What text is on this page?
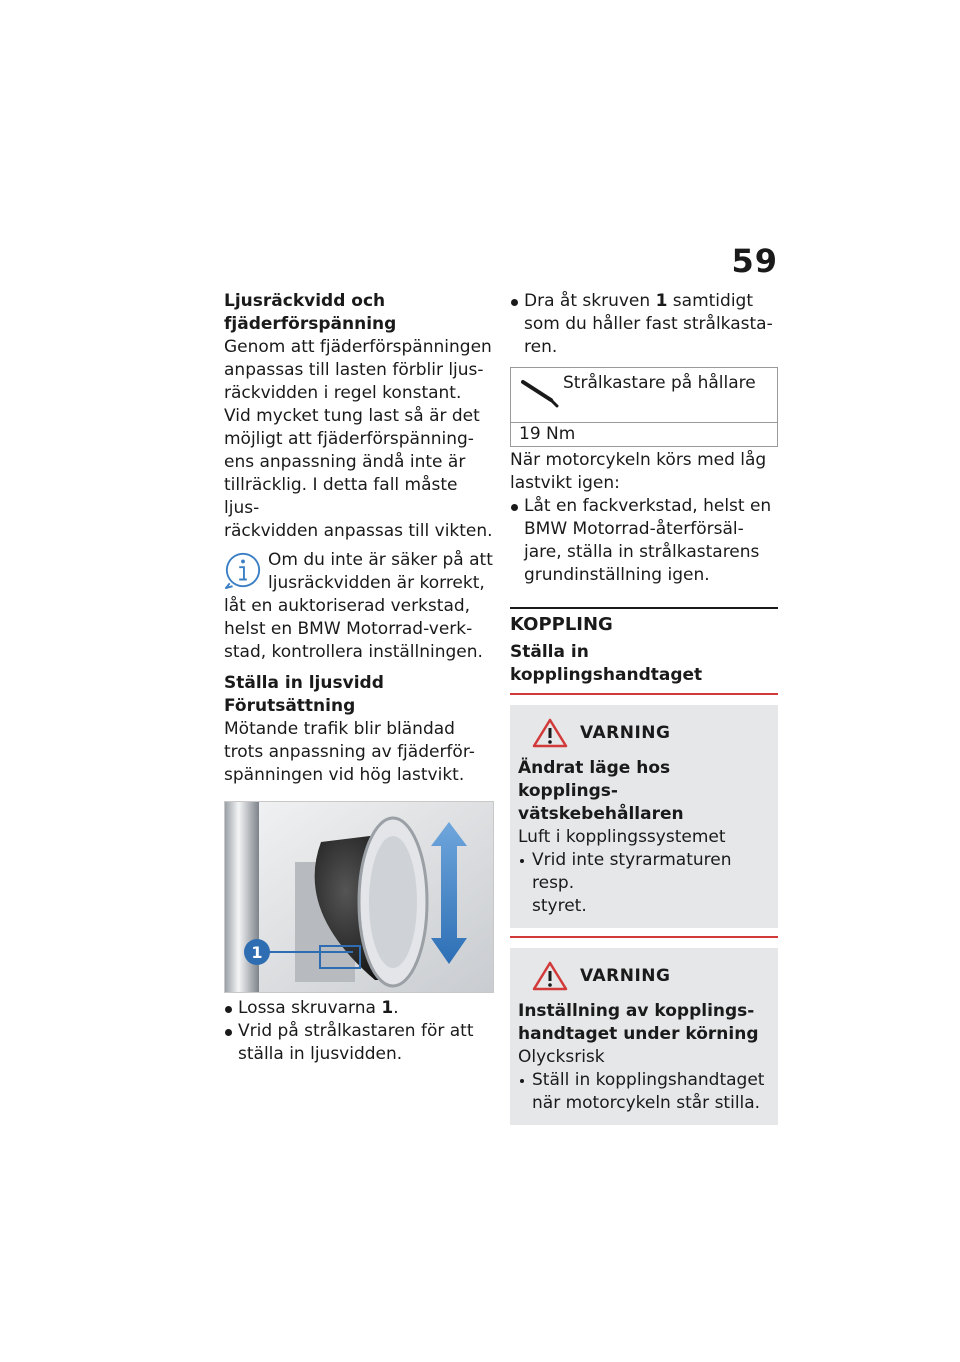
59

Ljusräckvidd och
fjäderförspänning

Genom att fjäderförspänningen
anpassas till lasten förblir ljus-
räckvidden i regel konstant.

Vid mycket tung last så är det
möjligt att fjäderförspänning-
ens anpassning ändå inte är
tillräcklig. I detta fall måste ljus-
räckvidden anpassas till vikten.

Om du inte är säker på att
ljusräckvidden är korrekt,
låt en auktoriserad verkstad,
helst en BMW Motorrad-verk-
stad, kontrollera inställningen.

Ställa in ljusvidd

Förutsättning

Mötande trafik blir bländad
trots anpassning av fjäderför-
spänningen vid hög lastvikt.

1
Lossa skruvarna 1.
Vrid på strålkastaren för att
ställa in ljusvidden.
Dra åt skruven 1 samtidigt
som du håller fast strålkasta-
ren.
Strålkastare på hållare

19 Nm

När motorcykeln körs med låg
lastvikt igen:

Låt en fackverkstad, helst en
BMW Motorrad-återförsäl-
jare, ställa in strålkastarens
grundinställning igen.

KOPPLING

Ställa in kopplingshandtaget

VARNING

Ändrat läge hos kopplings-
vätskebehållaren

Luft i kopplingssystemet

Vrid inte styrarmaturen resp.
styret.
VARNING

Inställning av kopplings-
handtaget under körning

Olycksrisk

Ställ in kopplingshandtaget
när motorcykeln står stilla.
